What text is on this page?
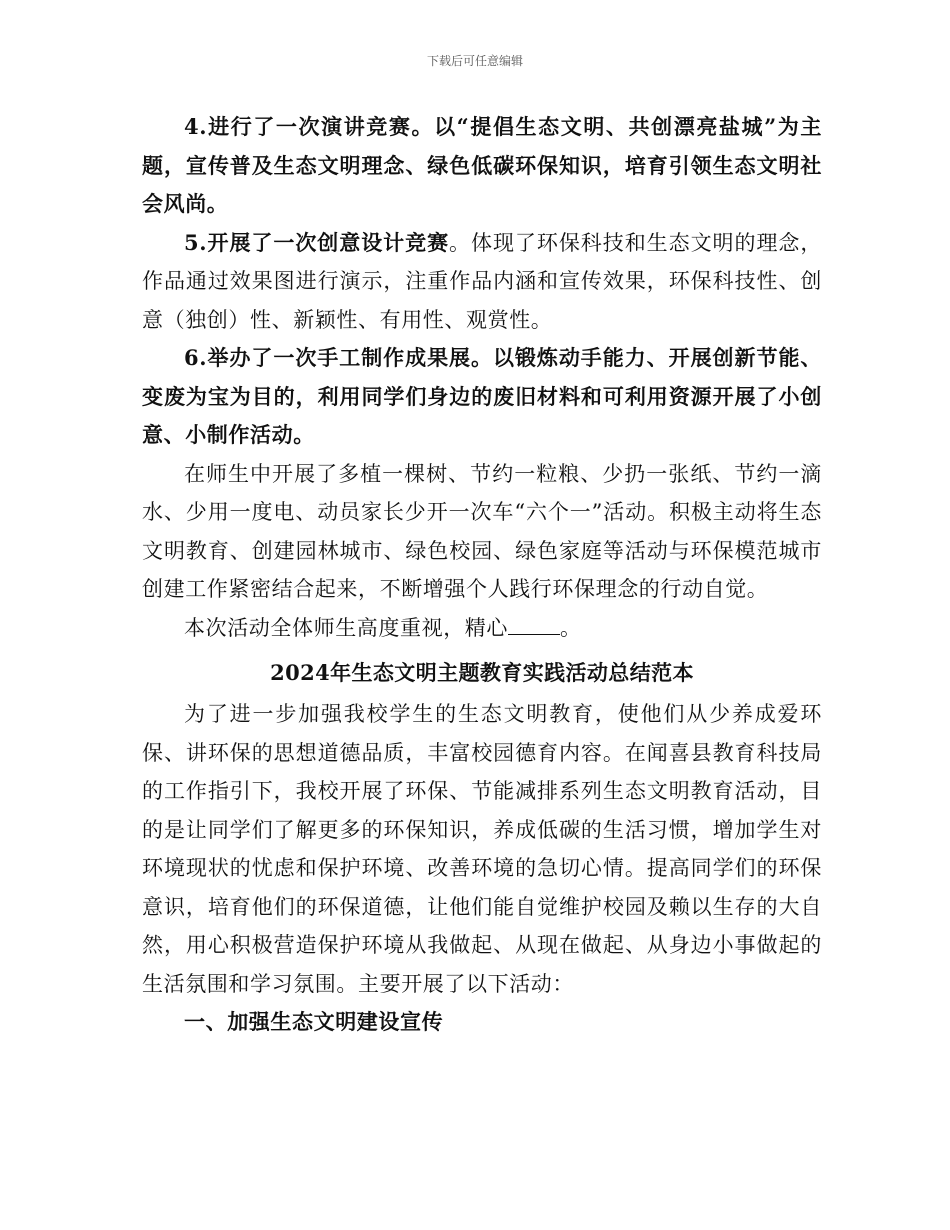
下载后可任意编辑

4.进行了一次演讲竞赛。以“提倡生态文明、共创漂亮盐城”为主题，宣传普及生态文明理念、绿色低碳环保知识，培育引领生态文明社会风尚。

5.开展了一次创意设计竞赛。体现了环保科技和生态文明的理念，作品通过效果图进行演示，注重作品内涵和宣传效果，环保科技性、创意（独创）性、新颖性、有用性、观赏性。

6.举办了一次手工制作成果展。以锻炼动手能力、开展创新节能、变废为宝为目的，利用同学们身边的废旧材料和可利用资源开展了小创意、小制作活动。

在师生中开展了多植一棵树、节约一粒粮、少扔一张纸、节约一滴水、少用一度电、动员家长少开一次车“六个一”活动。积极主动将生态文明教育、创建园林城市、绿色校园、绿色家庭等活动与环保模范城市创建工作紧密结合起来，不断增强个人践行环保理念的行动自觉。

本次活动全体师生高度重视，精心 。

2024年生态文明主题教育实践活动总结范本

为了进一步加强我校学生的生态文明教育，使他们从少养成爱环保、讲环保的思想道德品质，丰富校园德育内容。在闻喜县教育科技局的工作指引下，我校开展了环保、节能减排系列生态文明教育活动，目的是让同学们了解更多的环保知识，养成低碳的生活习惯，增加学生对环境现状的忧虑和保护环境、改善环境的急切心情。提高同学们的环保意识，培育他们的环保道德，让他们能自觉维护校园及赖以生存的大自然，用心积极营造保护环境从我做起、从现在做起、从身边小事做起的生活氛围和学习氛围。主要开展了以下活动：

一、加强生态文明建设宣传
